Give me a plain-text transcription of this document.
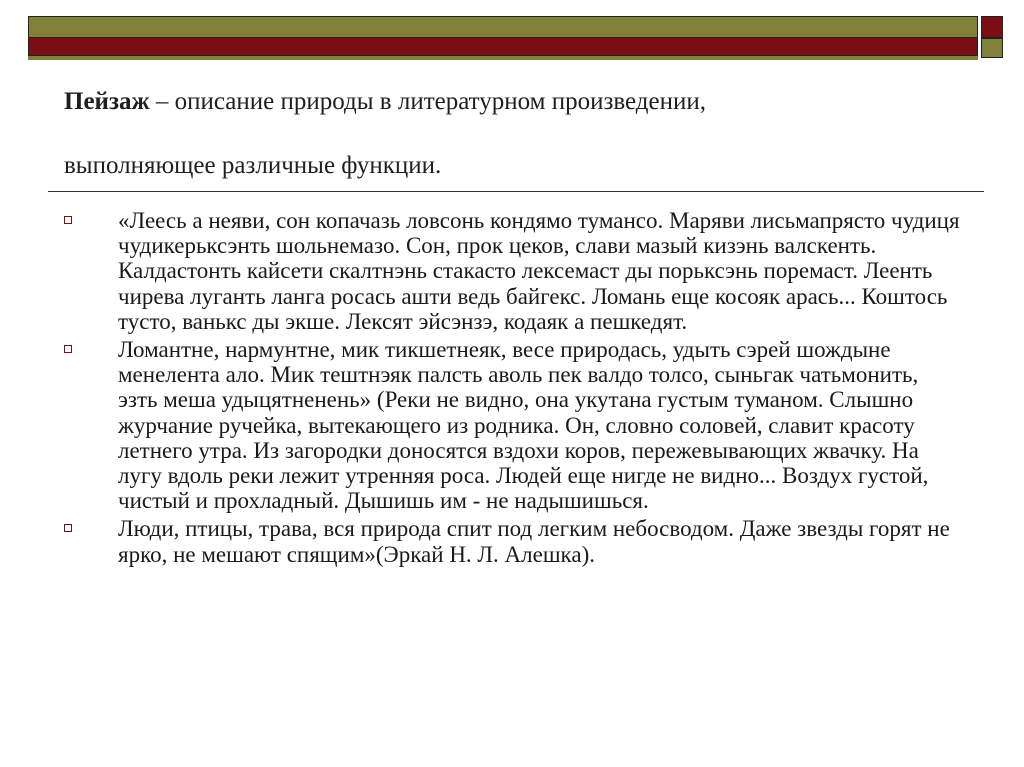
Пейзаж – описание природы в литературном произведении,
выполняющее различные функции.
«Леесь а неяви, сон копачазь ловсонь кондямо тумансо. Маряви лисьмапрясто чудиця чудикерьксэнть шольнемазо. Сон, прок цеков, слави мазый кизэнь валскенть. Калдастонть кайсети скалтнэнь стакасто лексемаст ды порьксэнь поремаст. Леенть чирева луганть ланга росась ашти ведь байгекс. Ломань еще косояк арась... Коштось тусто, ванькс ды экше. Лексят эйсэнзэ, кодаяк а пешкедят.
Ломантне, нармунтне, мик тикшетнеяк, весе природась, удыть сэрей шождыне менелента ало. Мик тештнэяк палсть аволь пек валдо толсо, сыньгак чатьмонить, эзть меша удыцятненень» (Реки не видно, она укутана густым туманом. Слышно журчание ручейка, вытекающего из родника. Он, словно соловей, славит красоту летнего утра. Из загородки доносятся вздохи коров, пережевывающих жвачку. На лугу вдоль реки лежит утренняя роса. Людей еще нигде не видно... Воздух густой, чистый и прохладный. Дышишь им - не надышишься.
Люди, птицы, трава, вся природа спит под легким небосводом. Даже звезды горят не ярко, не мешают спящим»(Эркай Н. Л. Алешка).
